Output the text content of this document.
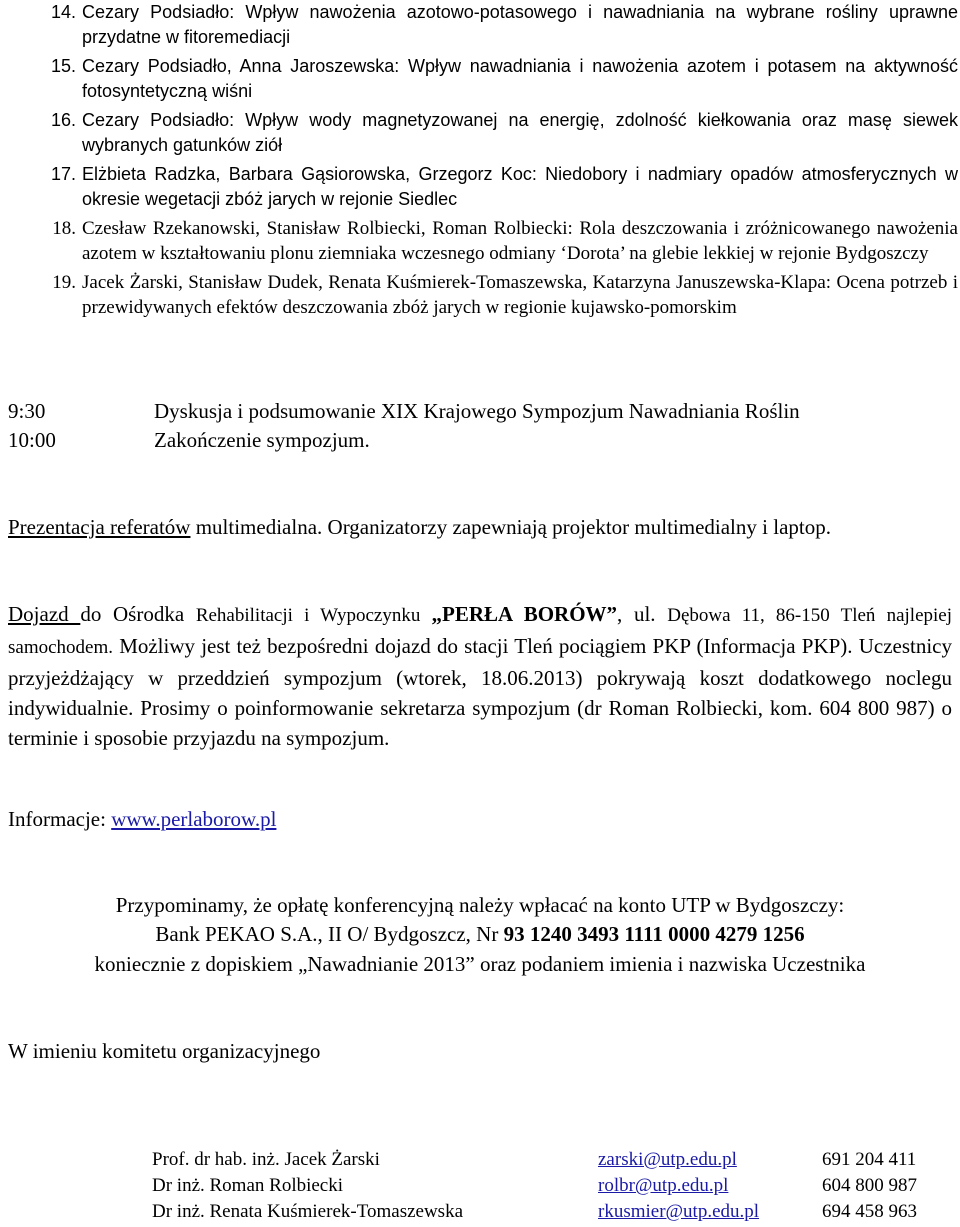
14. Cezary Podsiadło: Wpływ nawożenia azotowo-potasowego i nawadniania na wybrane rośliny uprawne przydatne w fitoremediacji
15. Cezary Podsiadło, Anna Jaroszewska: Wpływ nawadniania i nawożenia azotem i potasem na aktywność fotosyntetyczną wiśni
16. Cezary Podsiadło: Wpływ wody magnetyzowanej na energię, zdolność kiełkowania oraz masę siewek wybranych gatunków ziół
17. Elżbieta Radzka, Barbara Gąsiorowska, Grzegorz Koc: Niedobory i nadmiary opadów atmosferycznych w okresie wegetacji zbóż jarych w rejonie Siedlec
18. Czesław Rzekanowski, Stanisław Rolbiecki, Roman Rolbiecki: Rola deszczowania i zróżnicowanego nawożenia azotem w kształtowaniu plonu ziemniaka wczesnego odmiany ‘Dorota’ na glebie lekkiej w rejonie Bydgoszczy
19. Jacek Żarski, Stanisław Dudek, Renata Kuśmierek-Tomaszewska, Katarzyna Januszewska-Klapa: Ocena potrzeb i przewidywanych efektów deszczowania zbóż jarych w regionie kujawsko-pomorskim
9:30	Dyskusja i podsumowanie XIX Krajowego Sympozjum Nawadniania Roślin
10:00	Zakończenie sympozjum.
Prezentacja referatów multimedialna. Organizatorzy zapewniają projektor multimedialny i laptop.
Dojazd do Ośrodka Rehabilitacji i Wypoczynku „PERŁA BORÓW”, ul. Dębowa 11, 86-150 Tleń najlepiej samochodem. Możliwy jest też bezpośredni dojazd do stacji Tleń pociągiem PKP (Informacja PKP). Uczestnicy przyjeżdżający w przeddzień sympozjum (wtorek, 18.06.2013) pokrywają koszt dodatkowego noclegu indywidualnie. Prosimy o poinformowanie sekretarza sympozjum (dr Roman Rolbiecki, kom. 604 800 987) o terminie i sposobie przyjazdu na sympozjum.
Informacje: www.perlaborow.pl
Przypominamy, że opłatę konferencyjną należy wpłacać na konto UTP w Bydgoszczy:
Bank PEKAO S.A., II O/ Bydgoszcz, Nr 93 1240 3493 1111 0000 4279 1256
koniecznie z dopiskiem „Nawadnianie 2013” oraz podaniem imienia i nazwiska Uczestnika
W imieniu komitetu organizacyjnego
Prof. dr hab. inż. Jacek Żarski	zarski@utp.edu.pl	691 204 411
Dr inż. Roman Rolbiecki	rolbr@utp.edu.pl	604 800 987
Dr inż. Renata Kuśmierek-Tomaszewska	rkusmier@utp.edu.pl	694 458 963
